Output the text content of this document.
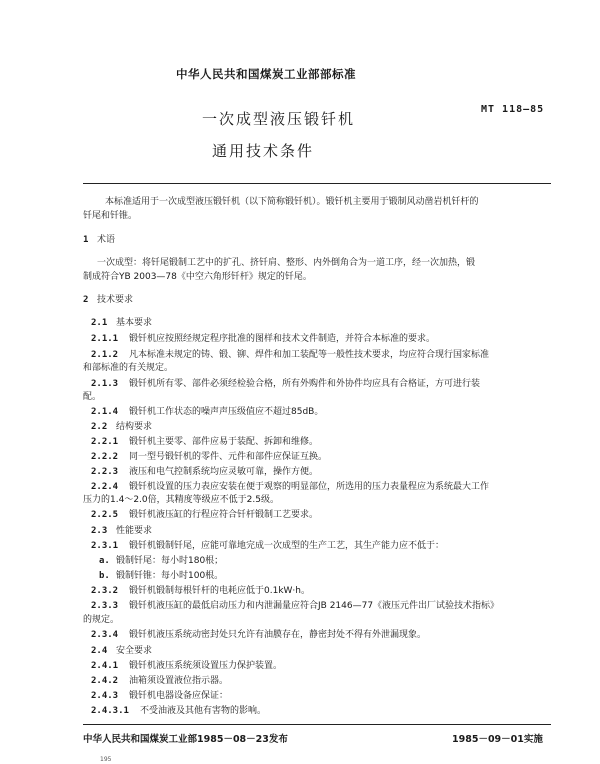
中华人民共和国煤炭工业部部标准
MT 118—85
一次成型液压锻钎机
通用技术条件
本标准适用于一次成型液压锻钎机（以下简称锻钎机）。锻钎机主要用于锻制风动凿岩机钎杆的
钎尾和钎锥。
1 术语
一次成型：将钎尾锻制工艺中的扩孔、挤钎肩、整形、内外倒角合为一道工序，经一次加热，锻
制成符合YB 2003—78《中空六角形钎杆》规定的钎尾。
2 技术要求
2.1 基本要求
2.1.1 锻钎机应按照经规定程序批准的图样和技术文件制造，并符合本标准的要求。
2.1.2 凡本标准未规定的铸、锻、铆、焊件和加工装配等一般性技术要求，均应符合现行国家标准
和部标准的有关规定。
2.1.3 锻钎机所有零、部件必须经检验合格，所有外购件和外协件均应具有合格证，方可进行装
配。
2.1.4 锻钎机工作状态的噪声声压级值应不超过85dB。
2.2 结构要求
2.2.1 锻钎机主要零、部件应易于装配、拆卸和维修。
2.2.2 同一型号锻钎机的零件、元件和部件应保证互换。
2.2.3 液压和电气控制系统均应灵敏可靠，操作方便。
2.2.4 锻钎机设置的压力表应安装在便于观察的明显部位，所选用的压力表量程应为系统最大工作
压力的1.4～2.0倍，其精度等级应不低于2.5级。
2.2.5 锻钎机液压缸的行程应符合钎杆锻制工艺要求。
2.3 性能要求
2.3.1 锻钎机锻制钎尾，应能可靠地完成一次成型的生产工艺，其生产能力应不低于：
a. 锻制钎尾：每小时180根；
b. 锻制钎锥：每小时100根。
2.3.2 锻钎机锻制每根钎杆的电耗应低于0.1kW·h。
2.3.3 锻钎机液压缸的最低启动压力和内泄漏量应符合JB 2146—77《液压元件出厂试验技术指标》
的规定。
2.3.4 锻钎机液压系统动密封处只允许有油膜存在，静密封处不得有外泄漏现象。
2.4 安全要求
2.4.1 锻钎机液压系统须设置压力保护装置。
2.4.2 油箱须设置液位指示器。
2.4.3 锻钎机电器设备应保证：
2.4.3.1 不受油液及其他有害物的影响。
中华人民共和国煤炭工业部1985－08－23发布	1985－09－01实施
195
